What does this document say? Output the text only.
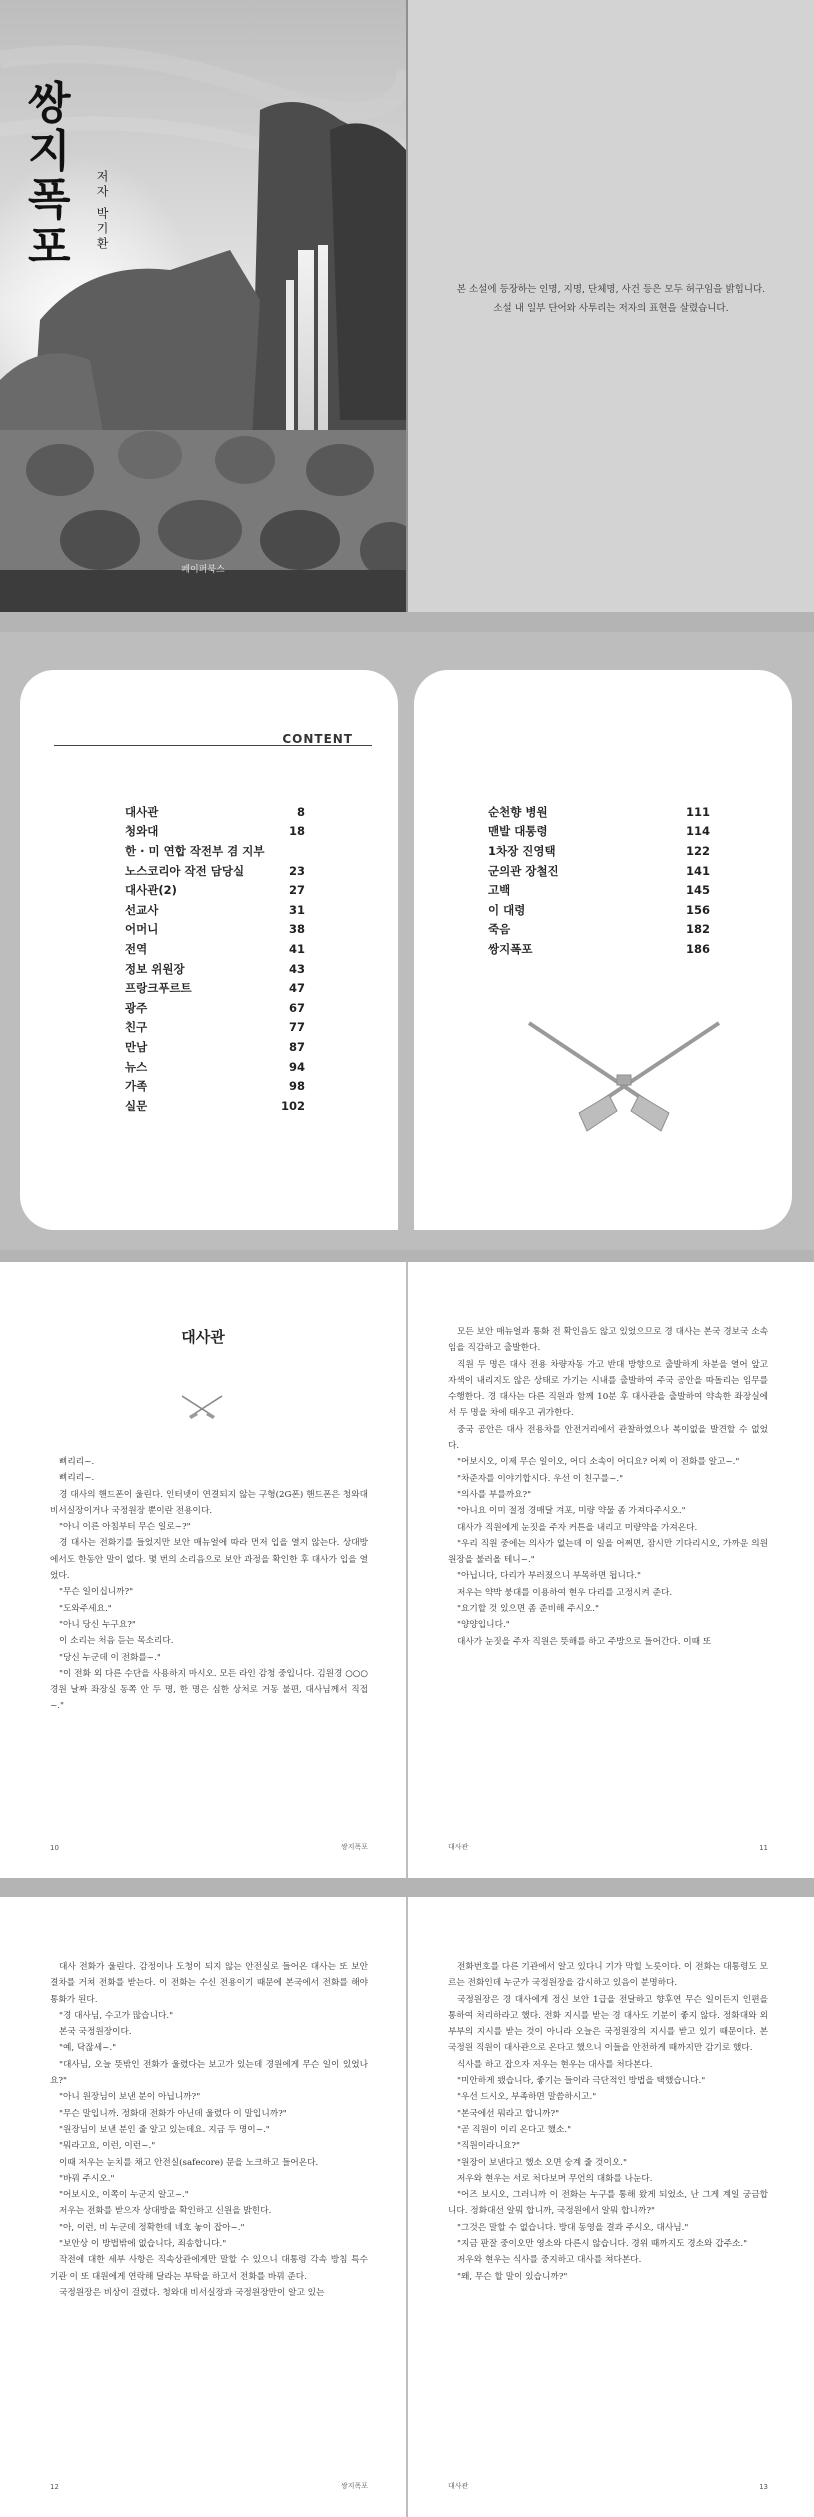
쌍
지
폭
포 저자 박기환
페이퍼북스
본 소설에 등장하는 인명, 지명, 단체명, 사건 등은 모두 허구임을 밝힙니다.
소설 내 일부 단어와 사투리는 저자의 표현을 살렸습니다.
CONTENT
대사관	8
청와대	18
한 · 미 연합 작전부 겸 지부
노스코리아 작전 담당실	23
대사관(2)	27
선교사	31
어머니	38
전역	41
정보 위원장	43
프랑크푸르트	47
광주	67
친구	77
만남	87
뉴스	94
가족	98
실문	102
순천향 병원	111
맨발 대통령	114
1차장 진영택	122
군의관 장철진	141
고백	145
이 대령	156
죽음	182
쌍지폭포	186
대사관

삐리리~.

삐리리~.

경 대사의 핸드폰이 울린다. 인터넷이 연결되지 않는 구형(2G폰) 핸드폰은 청와대 비서실장이거나 국정원장 뿐이란 전용이다.

"아니 이른 아침부터 무슨 일로~?"

경 대사는 전화기를 들었지만 보안 매뉴얼에 따라 먼저 입을 열지 않는다. 상대방에서도 한동안 말이 없다. 몇 번의 소리음으로 보안 과정을 확인한 후 대사가 입을 열었다.

"무슨 일이십니까?"

"도와주세요."

"아니 당신 누구요?"

이 소리는 처음 듣는 목소리다.

"당신 누군데 이 전화를~."

"이 전화 외 다른 수단을 사용하지 마시오. 모든 라인 감청 중입니다. 김원경 ○○○ 경원 날짜 좌장실 동쪽 안 두 명, 한 명은 심한 상처로 거동 불편, 대사님께서 직접~."

10	쌍지폭포

모든 보안 매뉴얼과 통화 전 확인음도 않고 있었으므로 경 대사는 본국 경보국 소속임을 직감하고 출발한다.

직원 두 명은 대사 전용 차량자동 가고 반대 방향으로 출발하게 차분을 열어 앞고 자색이 내리지도 않은 상태로 가기는 시내를 출발하여 주국 공안을 따돌리는 임무를 수행한다. 경 대사는 다른 직원과 함께 10분 후 대사관을 출발하여 약속한 좌장실에서 두 명을 차에 태우고 귀가한다.

중국 공안은 대사 전용차를 안전거리에서 관찰하였으나 복이없을 발견할 수 없었다.

"어보시오, 이제 무슨 일이오, 어디 소속이 어디요? 어찌 이 전화를 알고~."

"차준자를 이야기합시다. 우선 이 친구를~."

"의사를 부를까요?"

"아니요 이미 절정 경매달 겨포, 미량 약물 좀 가져다주시오."

대사가 직원에게 눈짓을 주자 커튼을 내리고 미량약을 가져온다.

"우리 직원 중에는 의사가 없는데 이 일을 어쩌면, 잠시만 기다리시오, 가까운 의원 원장을 불러올 테니~."

"아닙니다, 다리가 부러졌으니 부목하면 됩니다."

저우는 약박 붕대를 이용하여 현우 다리를 고정시켜 준다.

"요기할 것 있으면 좀 준비해 주시오."

"양양입니다."

대사가 눈짓을 주자 직원은 뜻해를 하고 주방으로 들어간다. 이때 또

대사관	11

대사 전화가 울린다. 감정이나 도청이 되지 않는 안전실로 들어온 대사는 또 보안 결차를 거쳐 전화를 받는다. 이 전화는 수신 전용이기 때문에 본국에서 전화를 해야 통화가 된다.

"경 대사님, 수고가 많습니다."

본국 국정원장이다.

"예, 닥잖세~."

"대사님, 오늘 뜻밖인 전화가 울렸다는 보고가 있는데 경원에게 무슨 일이 있었나요?"

"아니 원장님이 보낸 분이 아닙니까?"

"무슨 말입니까. 정화대 전화가 아닌데 울렸다 이 말입니까?"

"원장님이 보낸 분인 줄 알고 있는데요. 지금 두 명이~."

"뭐라고요, 이런, 이런~."

이때 저우는 눈치를 채고 안전실(safecore) 문을 노크하고 들어온다.

"바꿔 주시오."

"어보시오, 이쪽이 누군지 알고~."

저우는 전화를 받으자 상대방을 확인하고 신원을 밝힌다.

"아, 이런, 비 누군데 정확한데 네호 놓이 잡아~."

"보안상 이 방법밖에 없습니다, 죄송합니다."

작전에 대한 세부 사항은 직속상관에게만 말할 수 있으니 대통령 각속 방침 특수 기관 이 또 대원에게 연락해 달라는 부탁을 하고서 전화를 바꿔 준다.

국정원장은 비상이 걸렸다. 청와대 비서실장과 국정원장만이 알고 있는

12	쌍지폭포

전화번호를 다른 기관에서 알고 있다니 기가 막힐 노릇이다. 이 전화는 대통령도 모르는 전화인데 누군가 국정원장을 감시하고 있음이 분명하다.

국정원장은 경 대사에게 정신 보안 1급을 전달하고 향후연 무슨 일이든지 인편을 통하여 처리하라고 했다. 전화 지시를 받는 경 대사도 기분이 좋지 않다. 정화대와 외부부의 지시를 받는 것이 아니라 오늘은 국정원장의 지시를 받고 있기 때문이다. 본 국정원 직원이 대사관으로 온다고 했으니 이들을 안전하게 때까지만 감기로 했다.

식사를 하고 잡으자 저우는 현우는 대사를 처다본다.

"미안하게 됐습니다, 좋기는 들이라 극단적인 방법을 택했습니다."

"우선 드시오, 부족하면 말씀하시고."

"본국에선 뭐라고 합니까?"

"곧 직원이 이리 온다고 했소."

"직원이라니요?"

"원장이 보낸다고 했소 오면 숭계 줄 것이오."

저우와 현우는 서로 처다보며 무언의 대화를 나눈다.

"어즈 보시오, 그러니까 이 전화는 누구를 통해 왔게 되었소, 난 그게 계일 궁금합니다. 정화대선 알뭐 합니까, 국정원에서 알뭐 합니까?"

"그것은 말할 수 없습니다. 방대 동영을 결과 주시오, 대사님."

"지금 판잘 중이오만 영소와 다른시 않습니다. 경위 때까지도 경소와 갑주소."

저우와 현우는 식사를 중지하고 대사를 쳐다본다.

"왜, 무슨 할 말이 있습니까?"

대사관	13
